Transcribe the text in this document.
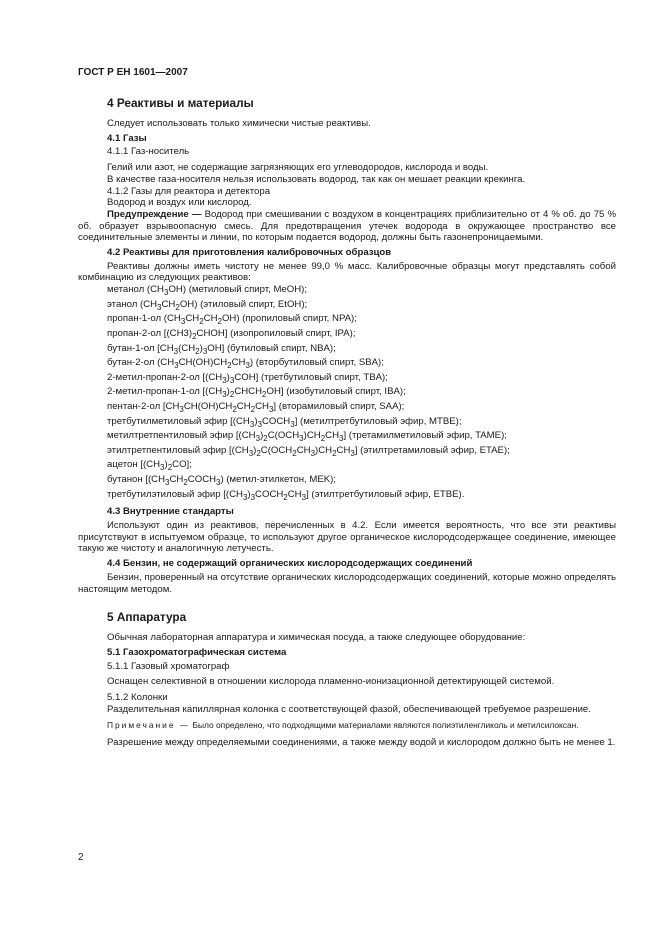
ГОСТ Р ЕН 1601—2007
4 Реактивы и материалы

Следует использовать только химически чистые реактивы.

4.1 Газы

4.1.1 Газ-носитель

Гелий или азот, не содержащие загрязняющих его углеводородов, кислорода и воды.

В качестве газа-носителя нельзя использовать водород, так как он мешает реакции крекинга.

4.1.2 Газы для реактора и детектора

Водород и воздух или кислород.

Предупреждение — Водород при смешивании с воздухом в концентрациях приблизительно от 4 % об. до 75 % об. образует взрывоопасную смесь. Для предотвращения утечек водорода в окружающее пространство все соединительные элементы и линии, по которым подается водород, должны быть газонепроницаемыми.

4.2 Реактивы для приготовления калибровочных образцов

Реактивы должны иметь чистоту не менее 99,0 % масс. Калибровочные образцы могут представлять собой комбинацию из следующих реактивов:

метанол $(CH_3OH)$ (метиловый спирт, MeOH);

этанол $(CH_3CH_2OH)$ (этиловый спирт, EtOH);

пропан-1-ол $(CH_3CH_2CH_2OH)$ (пропиловый спирт, NPA);

пропан-2-ол $[(CH3)_2CHOH]$ (изопропиловый спирт, IPA);

бутан-1-ол $[CH_3(CH_2)_3OH]$ (бутиловый спирт, NBA);

бутан-2-ол $(CH_3CH(OH)CH_2CH_3)$ (вторбутиловый спирт, SBA);

2-метил-пропан-2-ол $[(CH_3)_3COH]$ (третбутиловый спирт, TBA);

2-метил-пропан-1-ол $[(CH_3)_2CHCH_2OH]$ (изобутиловый спирт, IBA);

пентан-2-ол $[CH_3CH(OH)CH_2CH_2CH_3]$ (вторамиловый спирт, SAA);

третбутилметиловый эфир $[(CH_3)_3COCH_3]$ (метилтретбутиловый эфир, MTBE);

метилтретпентиловый эфир $[(CH_3)_2C(OCH_3)CH_2CH_3]$ (третамилметиловый эфир, TAME);

этилтретпентиловый эфир $[(CH_3)_2C(OCH_2CH_3)CH_2CH_3]$ (этилтретамиловый эфир, ETAE);

ацетон $[(CH_3)_2CO]$;

бутанон [$(CH_3CH_2COCH_3)$ (метил-этилкетон, MEK);

третбутилэтиловый эфир $[(CH_3)_3COCH_2CH_3]$ (этилтретбутиловый эфир, ETBE).

4.3 Внутренние стандарты

Используют один из реактивов, перечисленных в 4.2. Если имеется вероятность, что все эти реактивы присутствуют в испытуемом образце, то используют другое органическое кислородсодержащее соединение, имеющее такую же чистоту и аналогичную летучесть.

4.4 Бензин, не содержащий органических кислородсодержащих соединений

Бензин, проверенный на отсутствие органических кислородсодержащих соединений, которые можно определять настоящим методом.

5 Аппаратура

Обычная лабораторная аппаратура и химическая посуда, а также следующее оборудование:

5.1 Газохроматографическая система

5.1.1 Газовый хроматограф

Оснащен селективной в отношении кислорода пламенно-ионизационной детектирующей системой.

5.1.2 Колонки

Разделительная капиллярная колонка с соответствующей фазой, обеспечивающей требуемое разрешение.

Примечание — Было определено, что подходящими материалами являются полиэтиленгликоль и метилсилоксан.

Разрешение между определяемыми соединениями, а также между водой и кислородом должно быть не менее 1.

2
